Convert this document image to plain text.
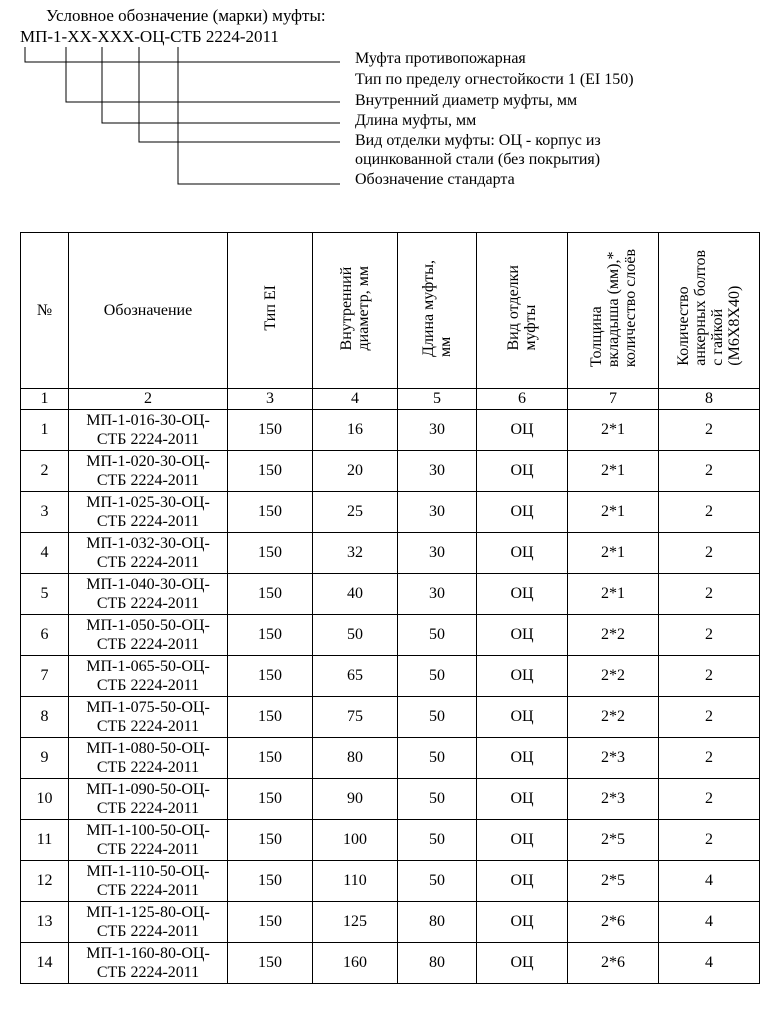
Условное обозначение (марки) муфты:
МП-1-ХХ-ХХХ-ОЦ-СТБ 2224-2011
Муфта противопожарная
Тип по пределу огнестойкости 1 (EI 150)
Внутренний диаметр муфты, мм
Длина муфты, мм
Вид отделки муфты: ОЦ - корпус из
оцинкованной стали (без покрытия)
Обозначение стандарта
№	Обозначение	Тип EI	Внутренний
диаметр, мм	Длина муфты,
мм	Вид отделки
муфты	Толщина
вкладыша (мм),*
количество слоёв	Количество
анкерных болтов
с гайкой
(М6Х8Х40)
1	2	3	4	5	6	7	8
1	МП-1-016-30-ОЦ-
СТБ 2224-2011	150	16	30	ОЦ	2*1	2
2	МП-1-020-30-ОЦ-
СТБ 2224-2011	150	20	30	ОЦ	2*1	2
3	МП-1-025-30-ОЦ-
СТБ 2224-2011	150	25	30	ОЦ	2*1	2
4	МП-1-032-30-ОЦ-
СТБ 2224-2011	150	32	30	ОЦ	2*1	2
5	МП-1-040-30-ОЦ-
СТБ 2224-2011	150	40	30	ОЦ	2*1	2
6	МП-1-050-50-ОЦ-
СТБ 2224-2011	150	50	50	ОЦ	2*2	2
7	МП-1-065-50-ОЦ-
СТБ 2224-2011	150	65	50	ОЦ	2*2	2
8	МП-1-075-50-ОЦ-
СТБ 2224-2011	150	75	50	ОЦ	2*2	2
9	МП-1-080-50-ОЦ-
СТБ 2224-2011	150	80	50	ОЦ	2*3	2
10	МП-1-090-50-ОЦ-
СТБ 2224-2011	150	90	50	ОЦ	2*3	2
11	МП-1-100-50-ОЦ-
СТБ 2224-2011	150	100	50	ОЦ	2*5	2
12	МП-1-110-50-ОЦ-
СТБ 2224-2011	150	110	50	ОЦ	2*5	4
13	МП-1-125-80-ОЦ-
СТБ 2224-2011	150	125	80	ОЦ	2*6	4
14	МП-1-160-80-ОЦ-
СТБ 2224-2011	150	160	80	ОЦ	2*6	4
